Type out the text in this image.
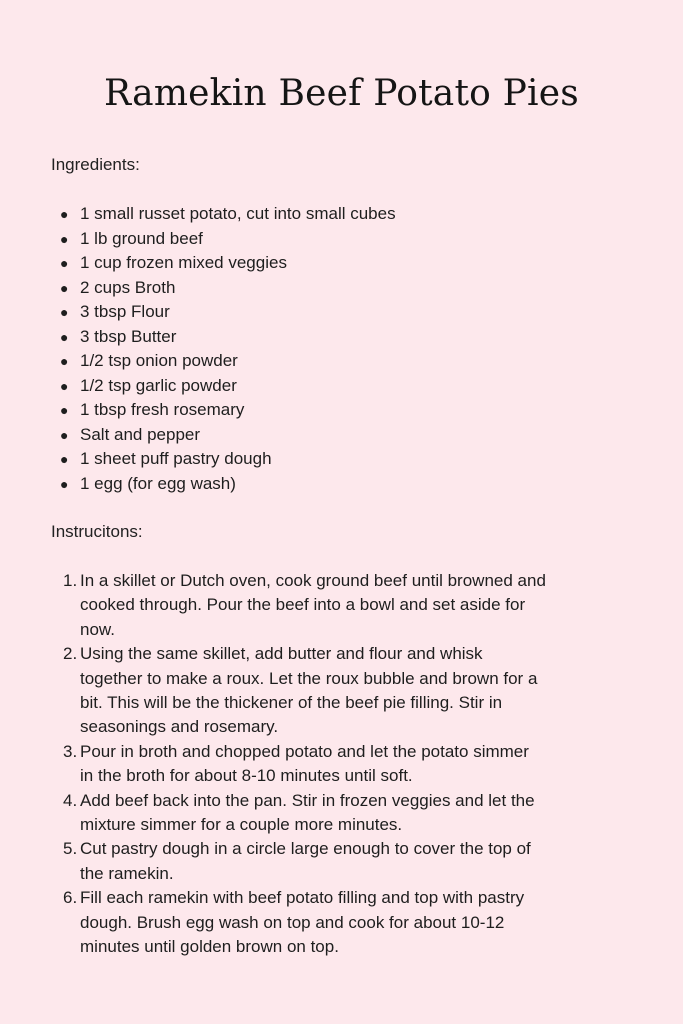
Ramekin Beef Potato Pies

Ingredients:

● 1 small russet potato, cut into small cubes
● 1 lb ground beef
● 1 cup frozen mixed veggies
● 2 cups Broth
● 3 tbsp Flour
● 3 tbsp Butter
● 1/2 tsp onion powder
● 1/2 tsp garlic powder
● 1 tbsp fresh rosemary
● Salt and pepper
● 1 sheet puff pastry dough
● 1 egg (for egg wash)

Instrucitons:

1. In a skillet or Dutch oven, cook ground beef until browned and
cooked through. Pour the beef into a bowl and set aside for
now.
2. Using the same skillet, add butter and flour and whisk
together to make a roux. Let the roux bubble and brown for a
bit. This will be the thickener of the beef pie filling. Stir in
seasonings and rosemary.
3. Pour in broth and chopped potato and let the potato simmer
in the broth for about 8-10 minutes until soft.
4. Add beef back into the pan. Stir in frozen veggies and let the
mixture simmer for a couple more minutes.
5. Cut pastry dough in a circle large enough to cover the top of
the ramekin.
6. Fill each ramekin with beef potato filling and top with pastry
dough. Brush egg wash on top and cook for about 10-12
minutes until golden brown on top.
